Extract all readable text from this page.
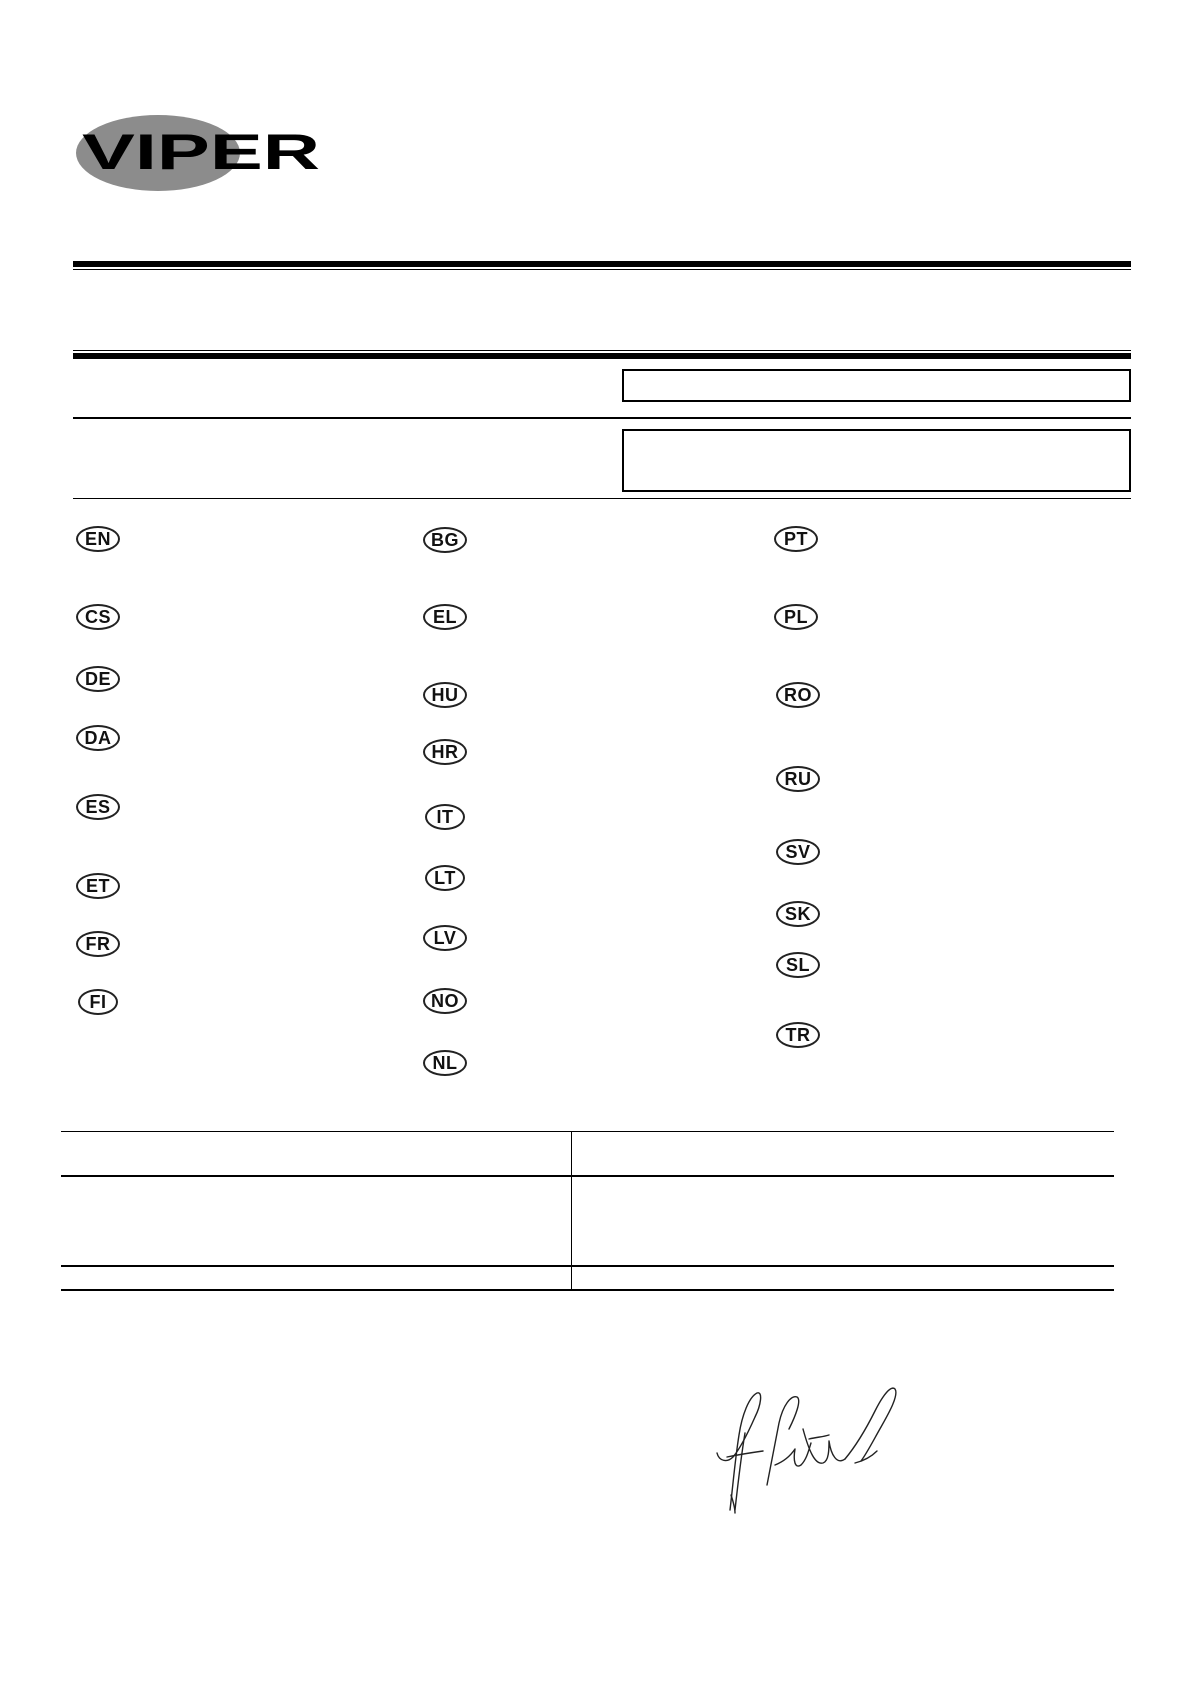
VIPER
EN
CS
DE
DA
ES
ET
FR
FI
BG
EL
HU
HR
IT
LT
LV
NO
NL
PT
PL
RO
RU
SV
SK
SL
TR
